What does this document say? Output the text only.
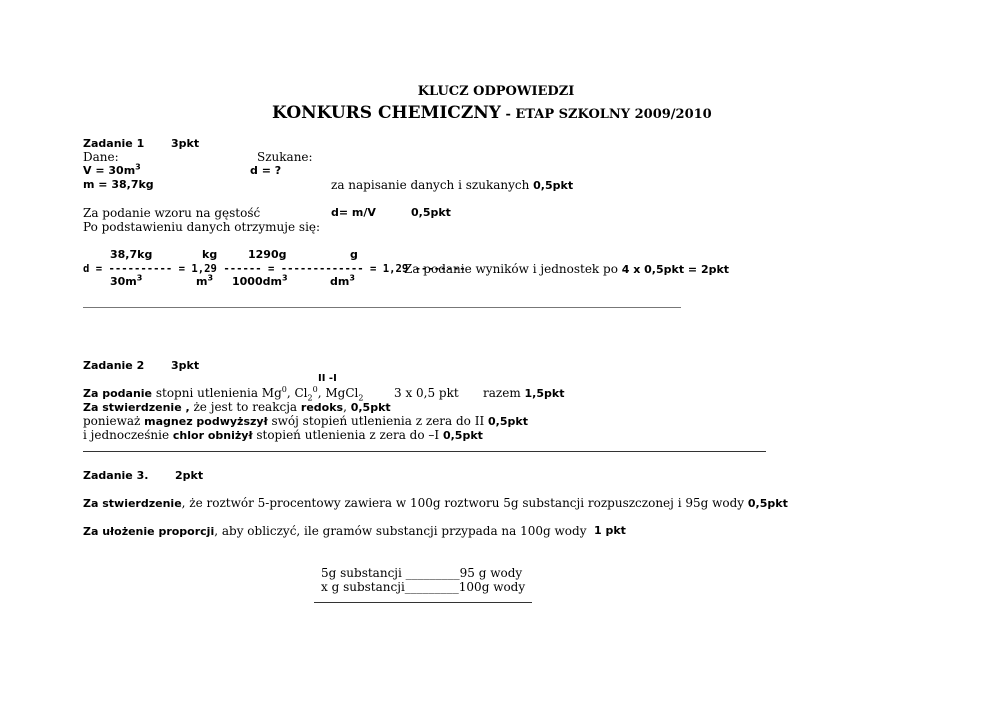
KLUCZ ODPOWIEDZI
KONKURS CHEMICZNY - ETAP SZKOLNY 2009/2010
Zadanie 1 3pkt
Dane:	Szukane:
$V = 30m^3$	d = ?
m = 38,7kg	za napisanie danych i szukanych 0,5pkt
Za podanie wzoru na gęstość	d= m/V	0,5pkt
Po podstawieniu danych otrzymuje się:
38,7kg	kg	1290g	g
d = ---------- = 1,29 ------ = ------------- = 1,29 --------
$30m^3$	$m^3$ $1000dm^3$	$dm^3$
Za podanie wyników i jednostek po 4 x 0,5pkt = 2pkt
Zadanie 2 3pkt
II -I
Za podanie stopni utlenienia Mg$^0$, $Cl_2^0$, MgCl$_2$	3 x 0,5 pkt razem 1,5pkt
Za stwierdzenie , że jest to reakcja redoks, 0,5pkt
ponieważ magnez podwyższył swój stopień utlenienia z zera do II 0,5pkt
i jednocześnie chlor obniżył stopień utlenienia z zera do –I 0,5pkt
Zadanie 3. 2pkt
Za stwierdzenie, że roztwór 5-procentowy zawiera w 100g roztworu 5g substancji rozpuszczonej i 95g wody 0,5pkt
Za ułożenie proporcji, aby obliczyć, ile gramów substancji przypada na 100g wody 1 pkt
5g substancji _________95 g wody
x g substancji_________100g wody
